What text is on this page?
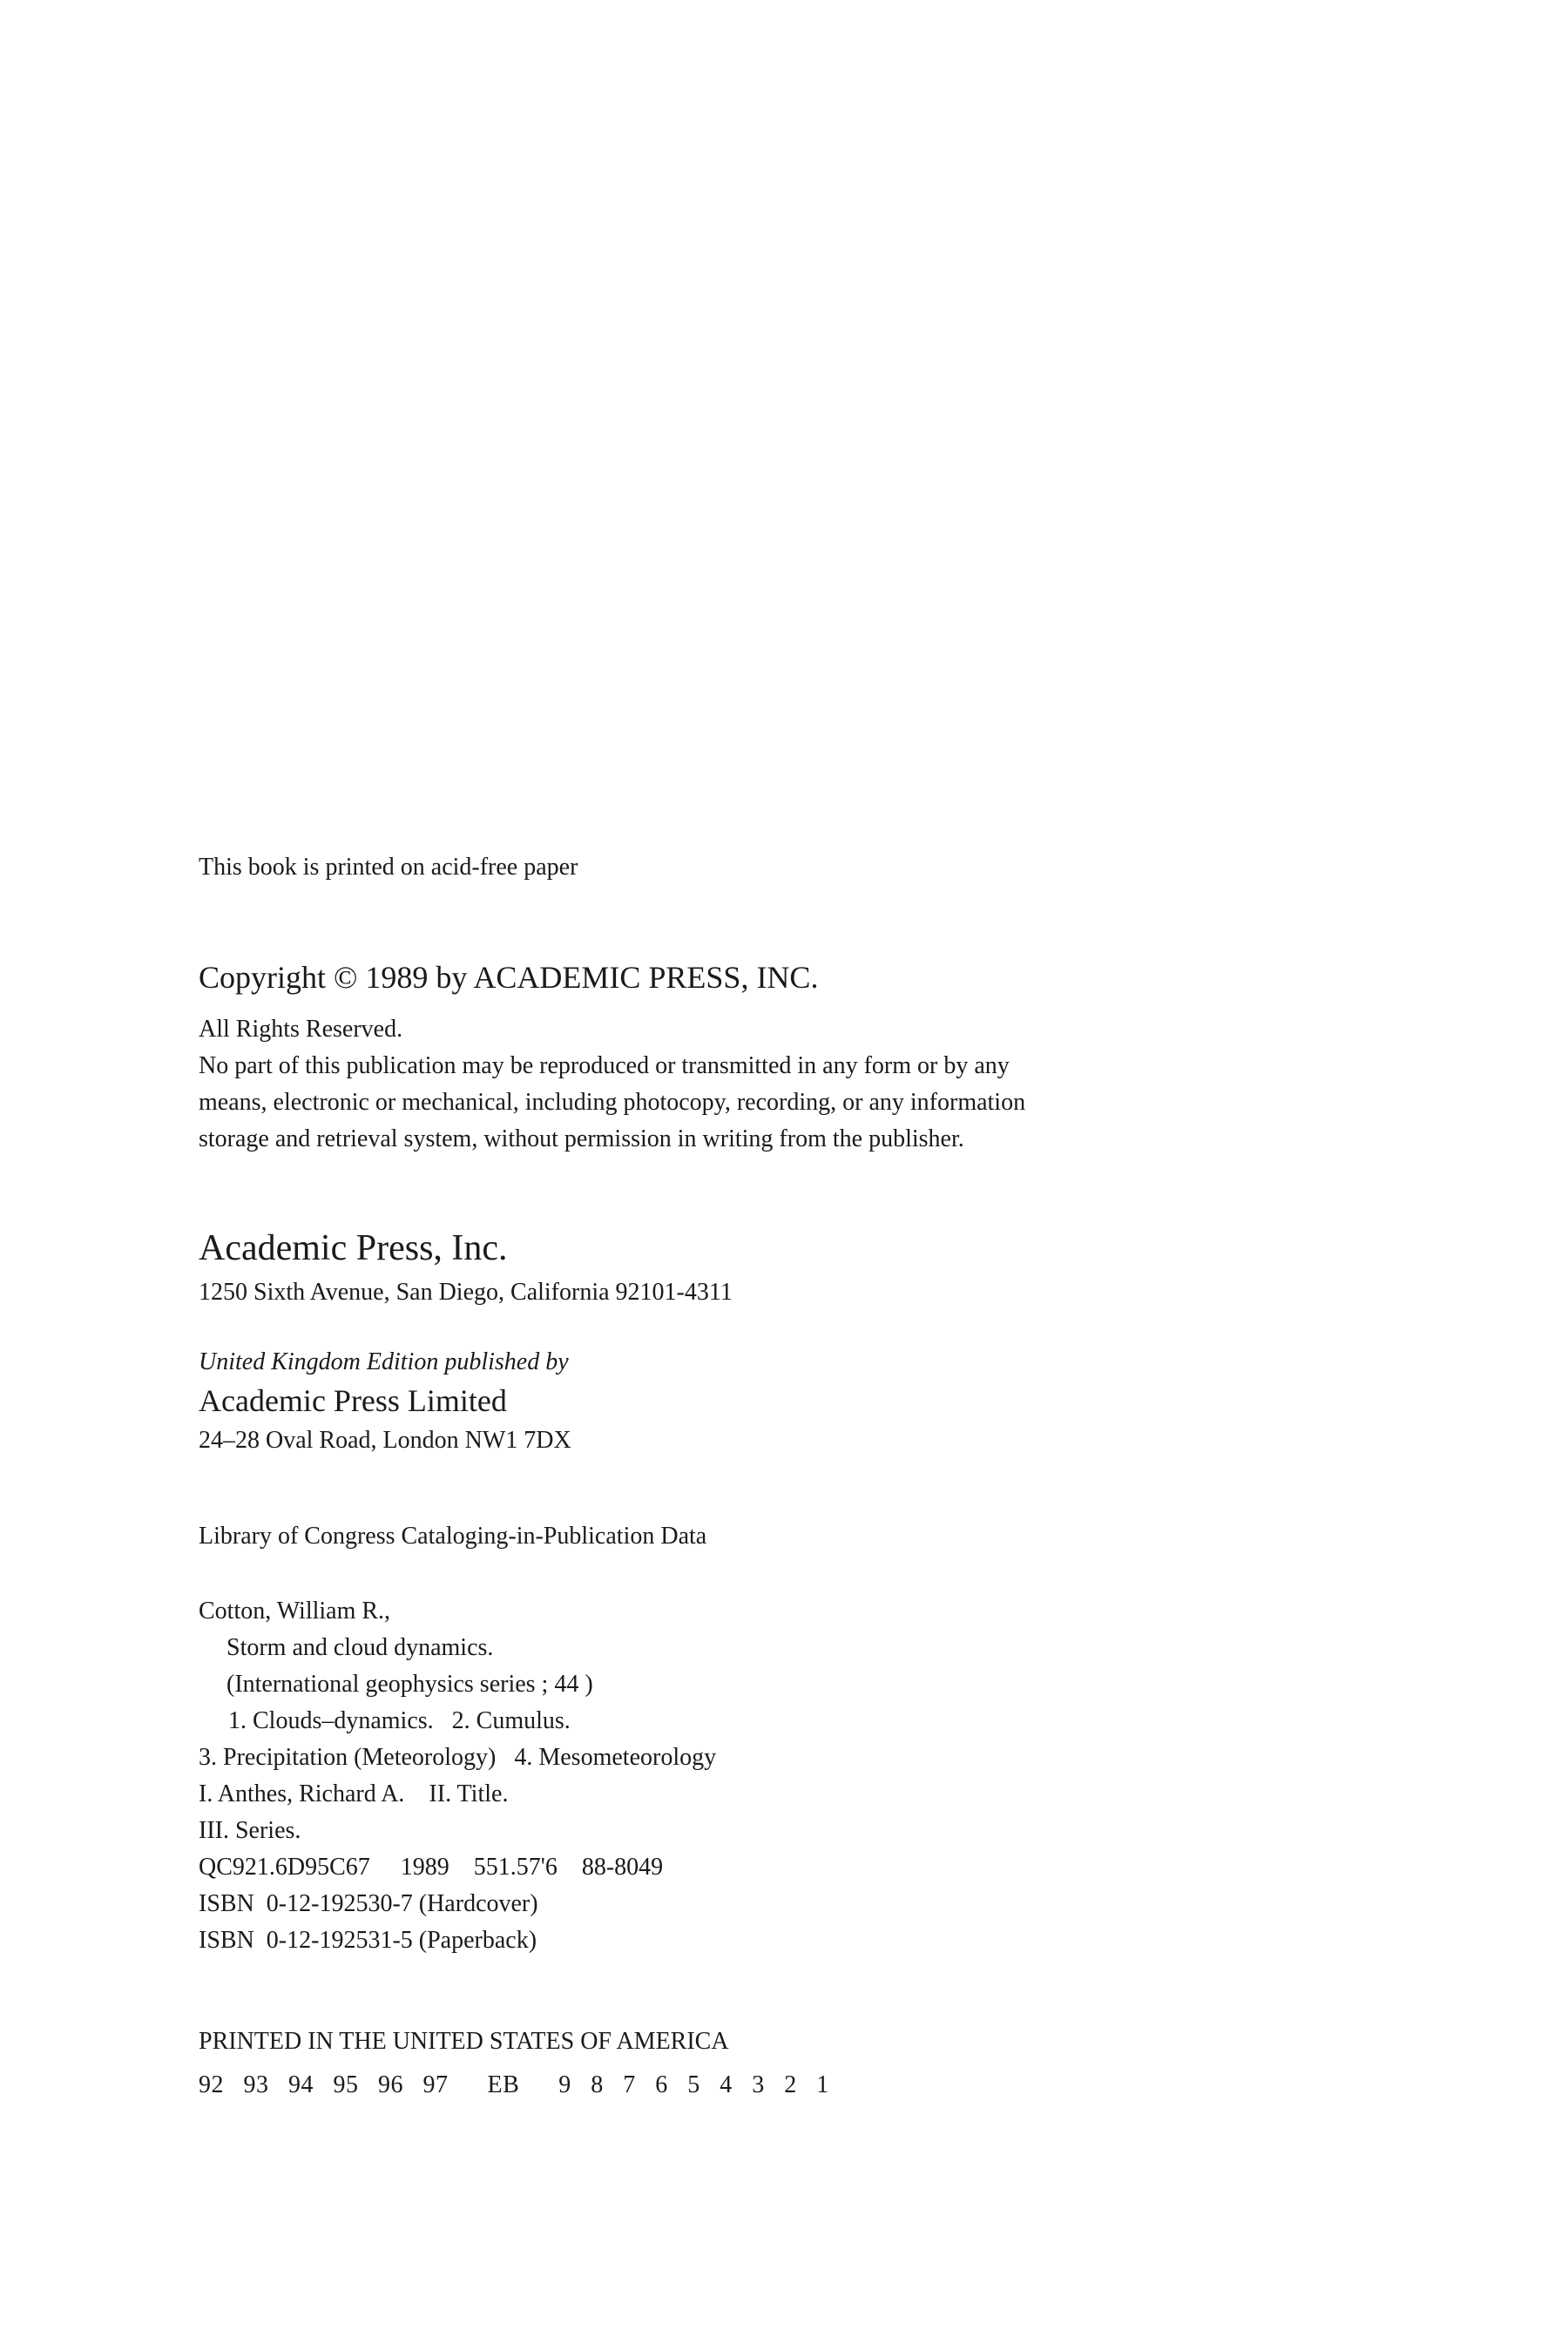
This book is printed on acid-free paper
Copyright © 1989 by ACADEMIC PRESS, INC.
All Rights Reserved.
No part of this publication may be reproduced or transmitted in any form or by any
means, electronic or mechanical, including photocopy, recording, or any information
storage and retrieval system, without permission in writing from the publisher.
Academic Press, Inc.
1250 Sixth Avenue, San Diego, California 92101-4311
United Kingdom Edition published by
Academic Press Limited
24–28 Oval Road, London NW1 7DX
Library of Congress Cataloging-in-Publication Data
Cotton, William R.,
Storm and cloud dynamics.
(International geophysics series ; 44 )
1. Clouds–dynamics.   2. Cumulus.
3. Precipitation (Meteorology)   4. Mesometeorology
I. Anthes, Richard A.    II. Title.
III. Series.
QC921.6D95C67     1989    551.57'6    88-8049
ISBN  0-12-192530-7 (Hardcover)
ISBN  0-12-192531-5 (Paperback)
PRINTED IN THE UNITED STATES OF AMERICA
92   93   94   95   96   97      EB      9   8   7   6   5   4   3   2   1
